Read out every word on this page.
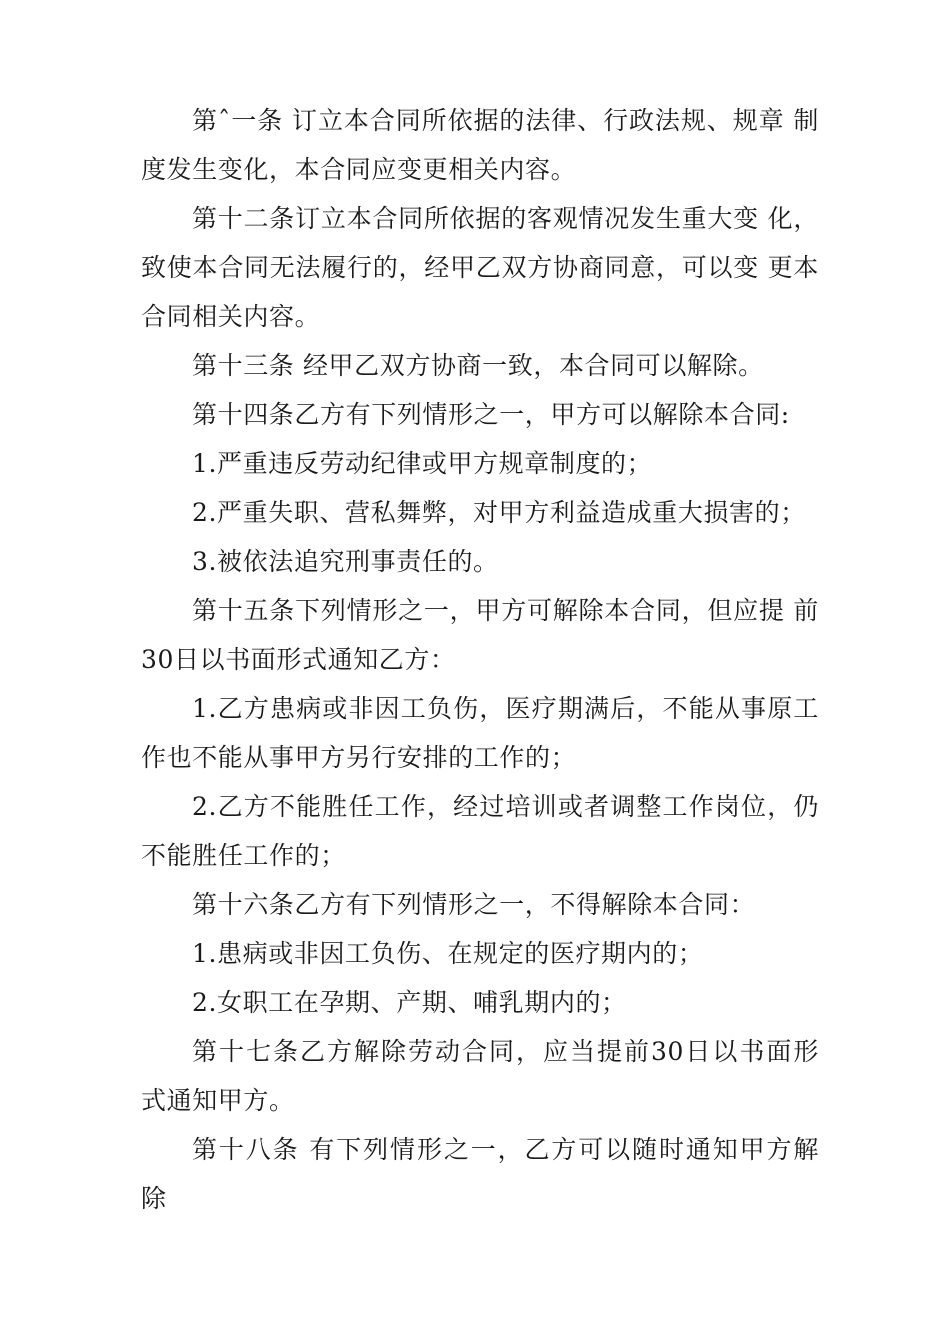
第ˆ一条 订立本合同所依据的法律、行政法规、规章 制度发生变化，本合同应变更相关内容。

第十二条订立本合同所依据的客观情况发生重大变 化，致使本合同无法履行的，经甲乙双方协商同意，可以变 更本合同相关内容。

第十三条 经甲乙双方协商一致，本合同可以解除。

第十四条乙方有下列情形之一，甲方可以解除本合同:

1.严重违反劳动纪律或甲方规章制度的；

2.严重失职、营私舞弊，对甲方利益造成重大损害的；

3.被依法追究刑事责任的。

第十五条下列情形之一，甲方可解除本合同，但应提 前30日以书面形式通知乙方：

1.乙方患病或非因工负伤，医疗期满后，不能从事原工作也不能从事甲方另行安排的工作的；

2.乙方不能胜任工作，经过培训或者调整工作岗位，仍不能胜任工作的；

第十六条乙方有下列情形之一，不得解除本合同：

1.患病或非因工负伤、在规定的医疗期内的；

2.女职工在孕期、产期、哺乳期内的；

第十七条乙方解除劳动合同，应当提前30日以书面形 式通知甲方。

第十八条 有下列情形之一，乙方可以随时通知甲方解 除
